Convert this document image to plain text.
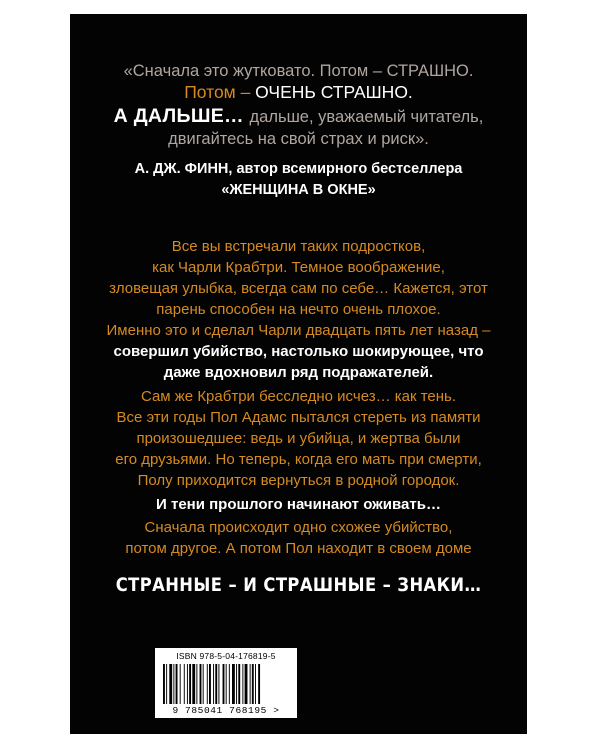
«Сначала это жутковато. Потом – СТРАШНО.
Потом – ОЧЕНЬ СТРАШНО.
А ДАЛЬШЕ… дальше, уважаемый читатель,
двигайтесь на свой страх и риск».
А. ДЖ. ФИНН, автор всемирного бестселлера
«ЖЕНЩИНА В ОКНЕ»
Все вы встречали таких подростков,
как Чарли Крабтри. Темное воображение,
зловещая улыбка, всегда сам по себе… Кажется, этот
парень способен на нечто очень плохое.
Именно это и сделал Чарли двадцать пять лет назад –
совершил убийство, настолько шокирующее, что
даже вдохновил ряд подражателей.
Сам же Крабтри бесследно исчез… как тень.
Все эти годы Пол Адамс пытался стереть из памяти
произошедшее: ведь и убийца, и жертва были
его друзьями. Но теперь, когда его мать при смерти,
Полу приходится вернуться в родной городок.
И тени прошлого начинают оживать…
Сначала происходит одно схожее убийство,
потом другое. А потом Пол находит в своем доме
СТРАННЫЕ – И СТРАШНЫЕ – ЗНАКИ…
ISBN 978-5-04-176819-5
9 785041 768195 >
